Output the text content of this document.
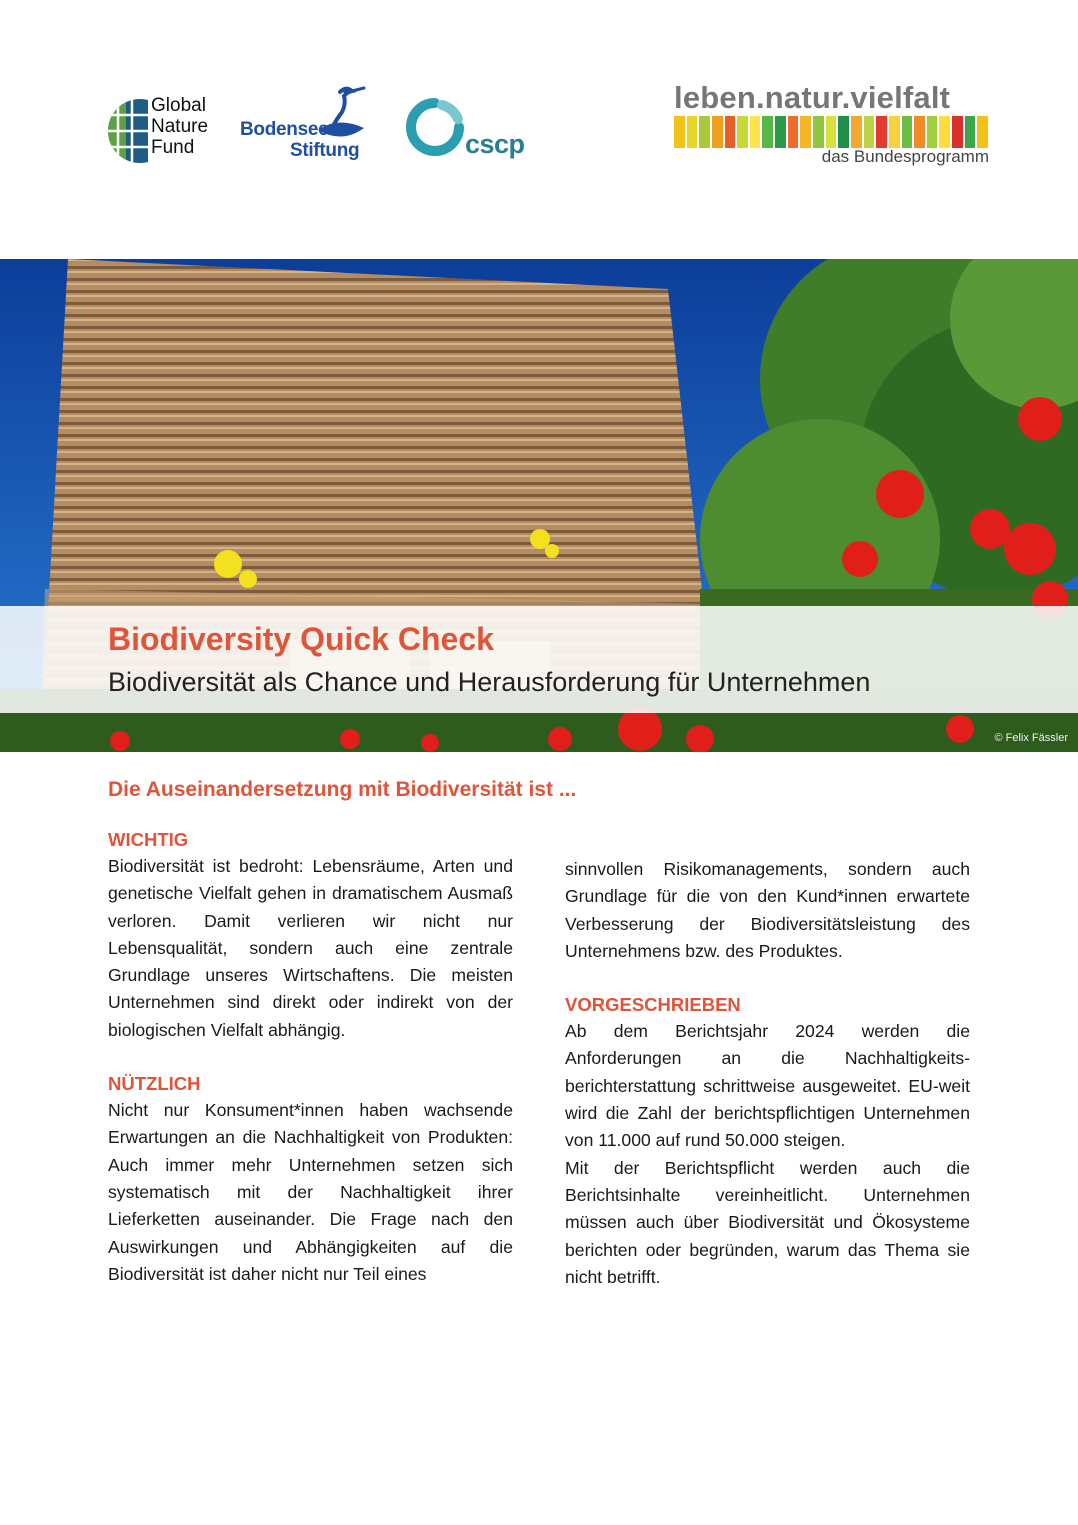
Global
Nature
Fund
Bodensee
Stiftung	cscp
leben.natur.vielfalt
das Bundesprogramm
Biodiversity Quick Check
Biodiversität als Chance und Herausforderung für Unternehmen
© Felix Fässler
Die Auseinandersetzung mit Biodiversität ist ...
WICHTIG

Biodiversität ist bedroht: Lebensräume, Arten und genetische Vielfalt gehen in dramatischem Ausmaß verloren. Damit verlieren wir nicht nur Lebensqualität, sondern auch eine zentrale Grundlage unseres Wirtschaftens. Die meisten Unternehmen sind direkt oder indirekt von der biologischen Vielfalt abhängig.

NÜTZLICH

Nicht nur Konsument*innen haben wachsende Erwartungen an die Nachhaltigkeit von Produkten: Auch immer mehr Unternehmen setzen sich systematisch mit der Nachhaltigkeit ihrer Lieferketten auseinander. Die Frage nach den Auswirkungen und Abhängigkeiten auf die Biodiversität ist daher nicht nur Teil eines

sinnvollen Risikomanagements, sondern auch Grundlage für die von den Kund*innen erwartete Verbesserung der Biodiversitätsleistung des Unternehmens bzw. des Produktes.

VORGESCHRIEBEN

Ab dem Berichtsjahr 2024 werden die Anforderungen an die Nachhaltigkeits-berichterstattung schrittweise ausgeweitet. EU-weit wird die Zahl der berichtspflichtigen Unternehmen von 11.000 auf rund 50.000 steigen.

Mit der Berichtspflicht werden auch die Berichtsinhalte vereinheitlicht. Unternehmen müssen auch über Biodiversität und Ökosysteme berichten oder begründen, warum das Thema sie nicht betrifft.
